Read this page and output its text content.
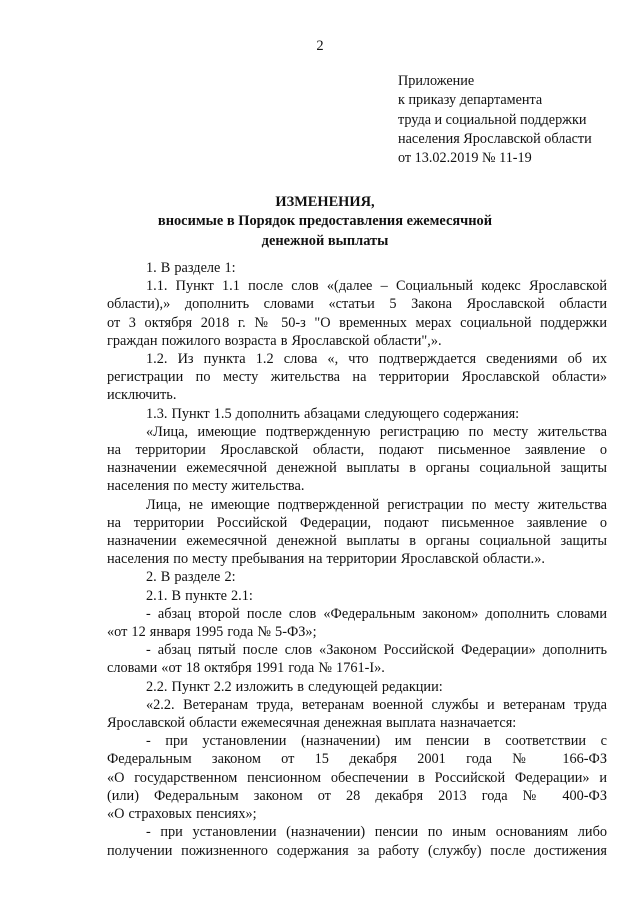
2
Приложение
к приказу департамента
труда и социальной поддержки
населения Ярославской области
от 13.02.2019 № 11-19
ИЗМЕНЕНИЯ,
вносимые в Порядок предоставления ежемесячной
денежной выплаты

1. В разделе 1:

1.1. Пункт 1.1 после слов «(далее – Социальный кодекс Ярославской

области),» дополнить словами «статьи 5 Закона Ярославской области
от 3 октября 2018 г. № 50-з "О временных мерах социальной поддержки
граждан пожилого возраста в Ярославской области",».

1.2. Из пункта 1.2 слова «, что подтверждается сведениями об их

регистрации по месту жительства на территории Ярославской области»
исключить.

1.3. Пункт 1.5 дополнить абзацами следующего содержания:

«Лица, имеющие подтвержденную регистрацию по месту жительства

на территории Ярославской области, подают письменное заявление о
назначении ежемесячной денежной выплаты в органы социальной защиты
населения по месту жительства.

Лица, не имеющие подтвержденной регистрации по месту жительства

на территории Российской Федерации, подают письменное заявление о
назначении ежемесячной денежной выплаты в органы социальной защиты
населения по месту пребывания на территории Ярославской области.».

2. В разделе 2:

2.1. В пункте 2.1:

- абзац второй после слов «Федеральным законом» дополнить словами

«от 12 января 1995 года № 5-ФЗ»;

- абзац пятый после слов «Законом Российской Федерации» дополнить

словами «от 18 октября 1991 года № 1761-I».

2.2. Пункт 2.2 изложить в следующей редакции:

«2.2. Ветеранам труда, ветеранам военной службы и ветеранам труда

Ярославской области ежемесячная денежная выплата назначается:

- при установлении (назначении) им пенсии в соответствии с

Федеральным законом от 15 декабря 2001 года № 166-ФЗ
«О государственном пенсионном обеспечении в Российской Федерации» и
(или) Федеральным законом от 28 декабря 2013 года № 400-ФЗ
«О страховых пенсиях»;

- при установлении (назначении) пенсии по иным основаниям либо

получении пожизненного содержания за работу (службу) после достижения
